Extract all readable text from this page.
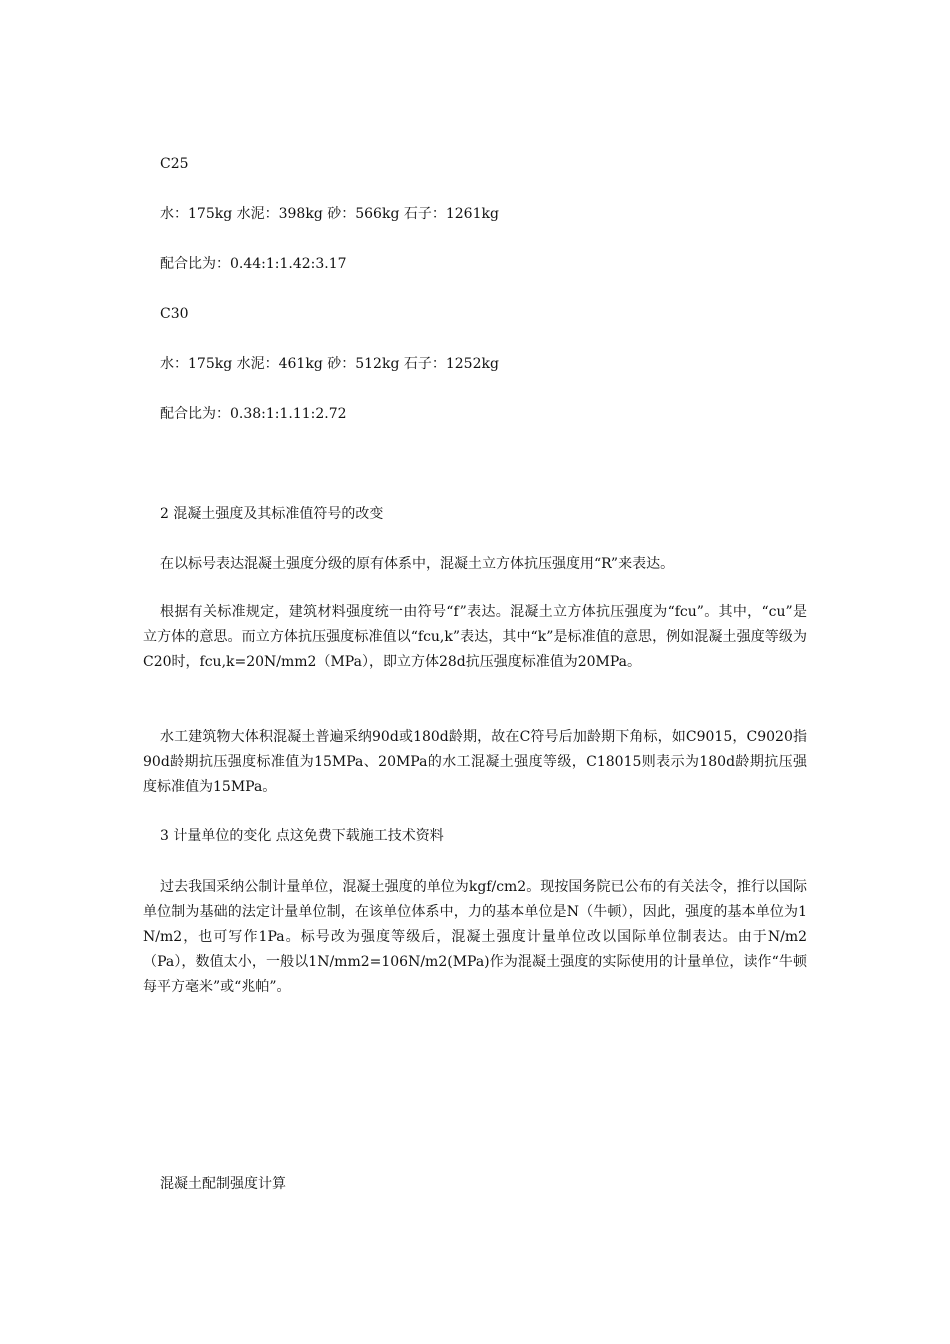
C25
水：175kg 水泥：398kg 砂：566kg 石子：1261kg
配合比为：0.44:1:1.42:3.17
C30
水：175kg 水泥：461kg 砂：512kg 石子：1252kg
配合比为：0.38:1:1.11:2.72
2 混凝土强度及其标准值符号的改变
在以标号表达混凝土强度分级的原有体系中，混凝土立方体抗压强度用“R”来表达。

根据有关标准规定，建筑材料强度统一由符号“f”表达。混凝土立方体抗压强度为“fcu”。其中，“cu”是立方体的意思。而立方体抗压强度标准值以“fcu,k”表达，其中“k”是标准值的意思，例如混凝土强度等级为C20时，fcu,k=20N/mm2（MPa），即立方体28d抗压强度标准值为20MPa。

水工建筑物大体积混凝土普遍采纳90d或180d龄期，故在C符号后加龄期下角标，如C9015，C9020指90d龄期抗压强度标准值为15MPa、20MPa的水工混凝土强度等级，C18015则表示为180d龄期抗压强度标准值为15MPa。

3 计量单位的变化 点这免费下载施工技术资料

过去我国采纳公制计量单位，混凝土强度的单位为kgf/cm2。现按国务院已公布的有关法令，推行以国际单位制为基础的法定计量单位制，在该单位体系中，力的基本单位是N（牛顿），因此，强度的基本单位为1 N/m2，也可写作1Pa。标号改为强度等级后，混凝土强度计量单位改以国际单位制表达。由于N/m2（Pa），数值太小，一般以1N/mm2=106N/m2(MPa)作为混凝土强度的实际使用的计量单位，读作“牛顿每平方毫米”或“兆帕”。

混凝土配制强度计算
